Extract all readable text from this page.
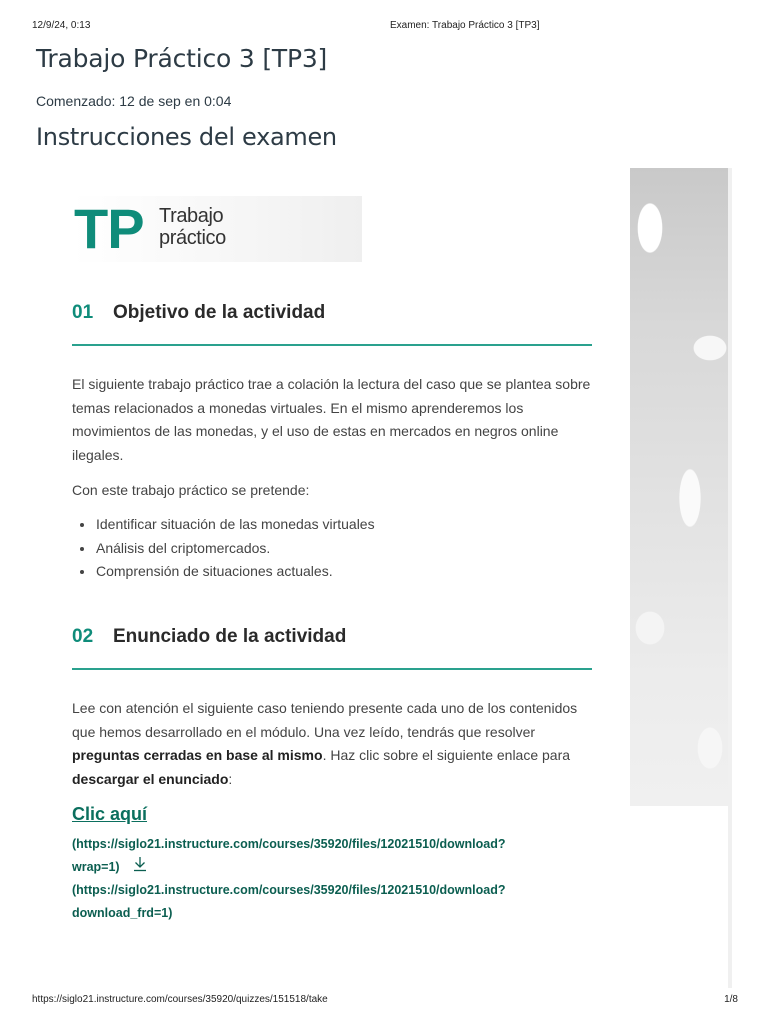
12/9/24, 0:13	Examen: Trabajo Práctico 3 [TP3]
Trabajo Práctico 3 [TP3]
Comenzado: 12 de sep en 0:04
Instrucciones del examen
TP Trabajo
práctico
01 Objetivo de la actividad

El siguiente trabajo práctico trae a colación la lectura del caso que se plantea sobre temas relacionados a monedas virtuales. En el mismo aprenderemos los movimientos de las monedas, y el uso de estas en mercados en negros online ilegales.

Con este trabajo práctico se pretende:

Identificar situación de las monedas virtuales
Análisis del criptomercados.
Comprensión de situaciones actuales.
02 Enunciado de la actividad

Lee con atención el siguiente caso teniendo presente cada uno de los contenidos que hemos desarrollado en el módulo. Una vez leído, tendrás que resolver preguntas cerradas en base al mismo. Haz clic sobre el siguiente enlace para descargar el enunciado:

Clic aquí
(https://siglo21.instructure.com/courses/35920/files/12021510/download?
wrap=1)
(https://siglo21.instructure.com/courses/35920/files/12021510/download?
download_frd=1)
https://siglo21.instructure.com/courses/35920/quizzes/151518/take	1/8
